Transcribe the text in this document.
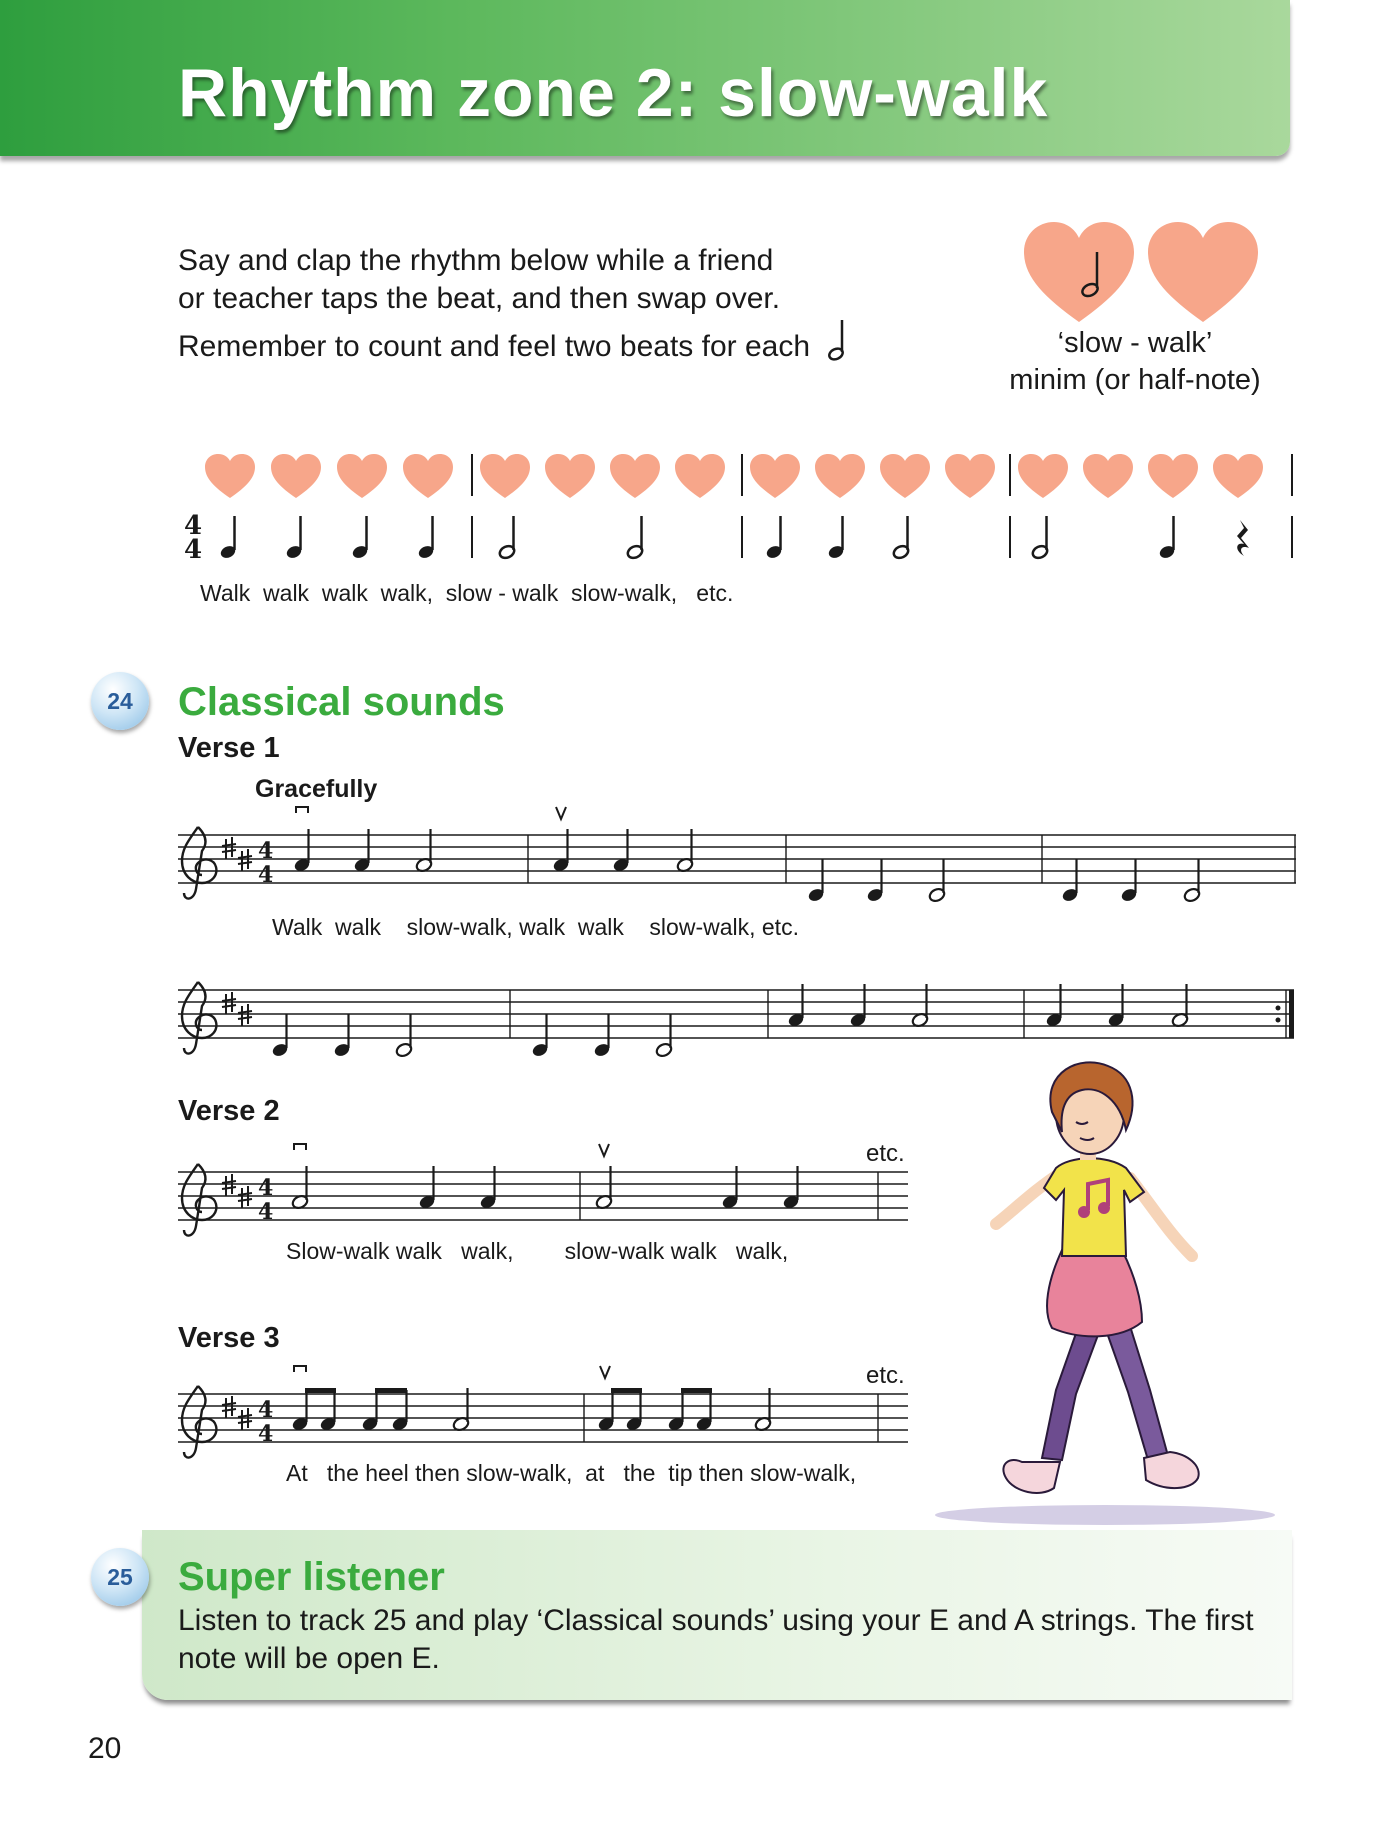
Rhythm zone 2: slow-walk

Say and clap the rhythm below while a friend

or teacher taps the beat, and then swap over.

Remember to count and feel two beats for each	‘slow - walk’
minim (or half-note)
4
4
Walk  walk  walk  walk,  slow - walk  slow-walk,   etc.
24	Classical sounds
Verse 1
Gracefully
4
4
Walk  walk    slow-walk, walk  walk    slow-walk, etc.
Verse 2
etc.
4
4
Slow-walk walk   walk,        slow-walk walk   walk,
Verse 3
etc.
4
4
At   the heel then slow-walk,  at   the  tip then slow-walk,
25	Super listener
Listen to track 25 and play ‘Classical sounds’ using your E and A strings. The first note will be open E.
20
